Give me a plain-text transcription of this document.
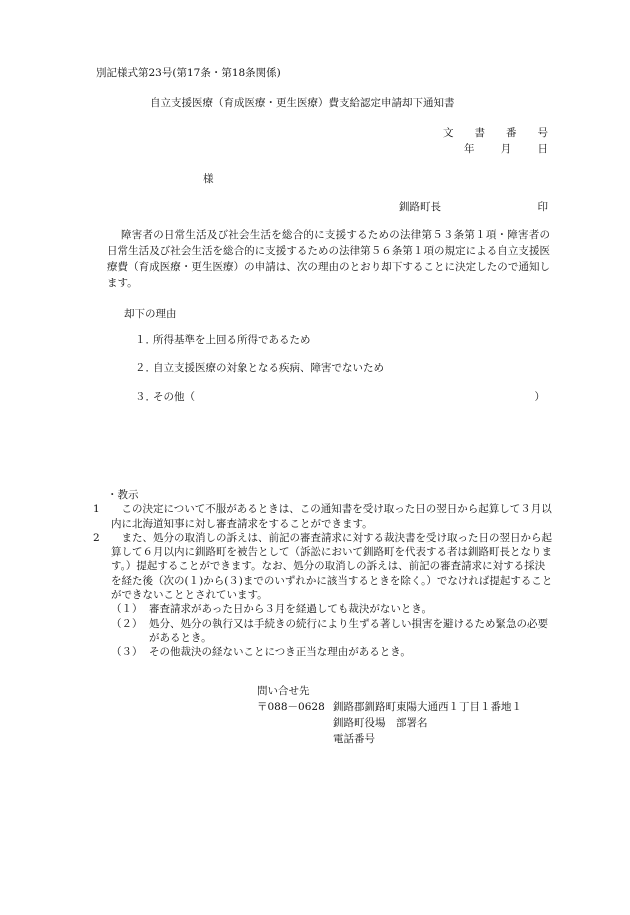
別記様式第23号(第17条・第18条関係)
自立支援医療（育成医療・更生医療）費支給認定申請却下通知書
文 書 番 号
年	月	日
様
釧路町長	印
障害者の日常生活及び社会生活を総合的に支援するための法律第５３条第１項・障害者の日常生活及び社会生活を総合的に支援するための法律第５６条第１項の規定による自立支援医療費（育成医療・更生医療）の申請は、次の理由のとおり却下することに決定したので通知します。
却下の理由
１．所得基準を上回る所得であるため
２．自立支援医療の対象となる疾病、障害でないため
３．
その他（	）
・教示
1	　この決定について不服があるときは、この通知書を受け取った日の翌日から起算して３月以内に北海道知事に対し審査請求をすることができます。
2	　また、処分の取消しの訴えは、前記の審査請求に対する裁決書を受け取った日の翌日から起算して６月以内に釧路町を被告として（訴訟において釧路町を代表する者は釧路町長となります。）提起することができます。なお、処分の取消しの訴えは、前記の審査請求に対する採決を経た後（次の(１)から(３)までのいずれかに該当するときを除く。）でなければ提起することができないこととされています。
（１） 審査請求があった日から３月を経過しても裁決がないとき。
（２） 処分、処分の執行又は手続きの続行により生ずる著しい損害を避けるため緊急の必要があるとき。
（３） その他裁決の経ないことにつき正当な理由があるとき。
問い合せ先
〒088－0628 釧路郡釧路町東陽大通西１丁目１番地１
釧路町役場　部署名
電話番号
